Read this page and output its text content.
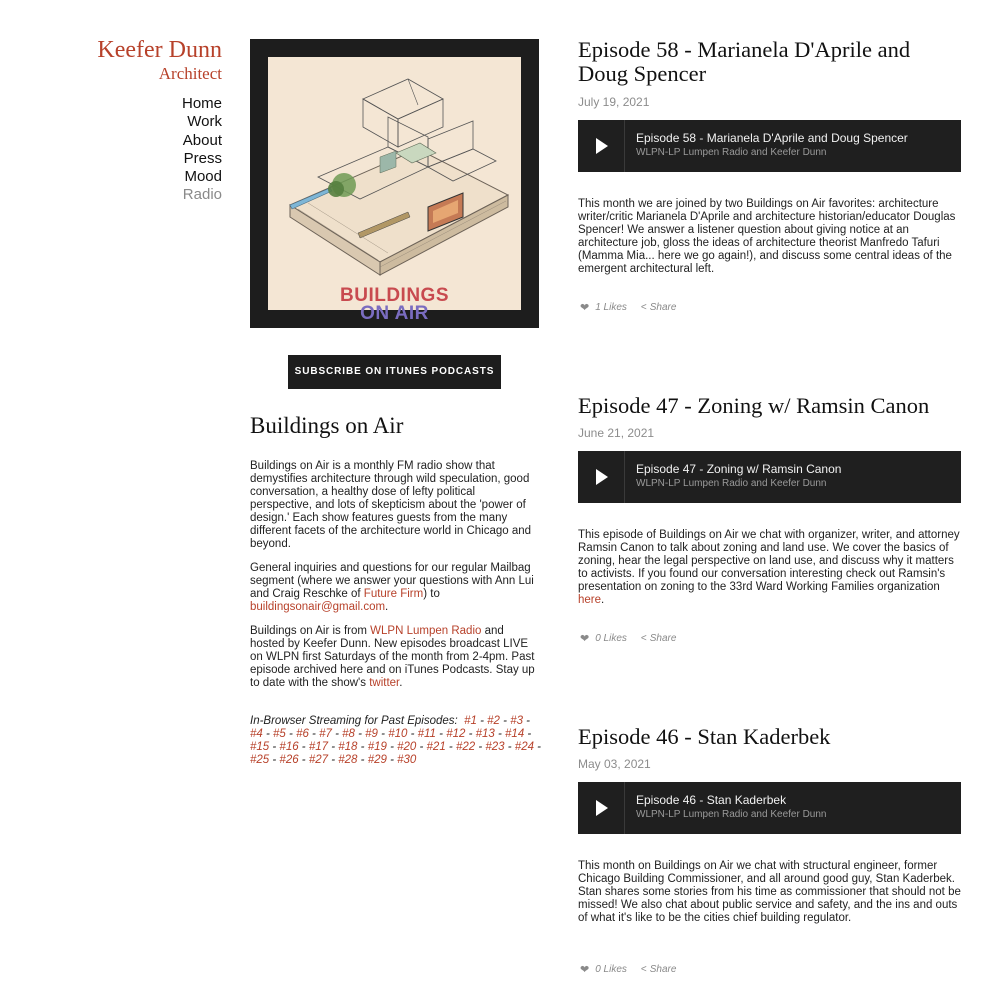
Keefer Dunn
Architect
Home
Work
About
Press
Mood
Radio
BUILDINGS
ON AIR
SUBSCRIBE ON ITUNES PODCASTS
Buildings on Air

Buildings on Air is a monthly FM radio show that demystifies architecture through wild speculation, good conversation, a healthy dose of lefty political perspective, and lots of skepticism about the 'power of design.' Each show features guests from the many different facets of the architecture world in Chicago and beyond.

General inquiries and questions for our regular Mailbag segment (where we answer your questions with Ann Lui and Craig Reschke of Future Firm) to buildingsonair@gmail.com.

Buildings on Air is from WLPN Lumpen Radio and hosted by Keefer Dunn. New episodes broadcast LIVE on WLPN first Saturdays of the month from 2-4pm. Past episode archived here and on iTunes Podcasts. Stay up to date with the show's twitter.

In-Browser Streaming for Past Episodes: #1 - #2 - #3 - #4 - #5 - #6 - #7 - #8 - #9 - #10 - #11 - #12 - #13 - #14 - #15 - #16 - #17 - #18 - #19 - #20 - #21 - #22 - #23 - #24 - #25 - #26 - #27 - #28 - #29 - #30
Episode 58 - Marianela D'Aprile and Doug Spencer
July 19, 2021
Episode 58 - Marianela D'Aprile and Doug Spencer
WLPN-LP Lumpen Radio and Keefer Dunn
This month we are joined by two Buildings on Air favorites: architecture writer/critic Marianela D'Aprile and architecture historian/educator Douglas Spencer! We answer a listener question about giving notice at an architecture job, gloss the ideas of architecture theorist Manfredo Tafuri (Mamma Mia... here we go again!), and discuss some central ideas of the emergent architectural left.
❤ 1 Likes < Share
Episode 47 - Zoning w/ Ramsin Canon
June 21, 2021
Episode 47 - Zoning w/ Ramsin Canon
WLPN-LP Lumpen Radio and Keefer Dunn
This episode of Buildings on Air we chat with organizer, writer, and attorney Ramsin Canon to talk about zoning and land use. We cover the basics of zoning, hear the legal perspective on land use, and discuss why it matters to activists. If you found our conversation interesting check out Ramsin's presentation on zoning to the 33rd Ward Working Families organization here.
❤ 0 Likes < Share
Episode 46 - Stan Kaderbek
May 03, 2021
Episode 46 - Stan Kaderbek
WLPN-LP Lumpen Radio and Keefer Dunn
This month on Buildings on Air we chat with structural engineer, former Chicago Building Commissioner, and all around good guy, Stan Kaderbek. Stan shares some stories from his time as commissioner that should not be missed! We also chat about public service and safety, and the ins and outs of what it's like to be the cities chief building regulator.
❤ 0 Likes < Share
